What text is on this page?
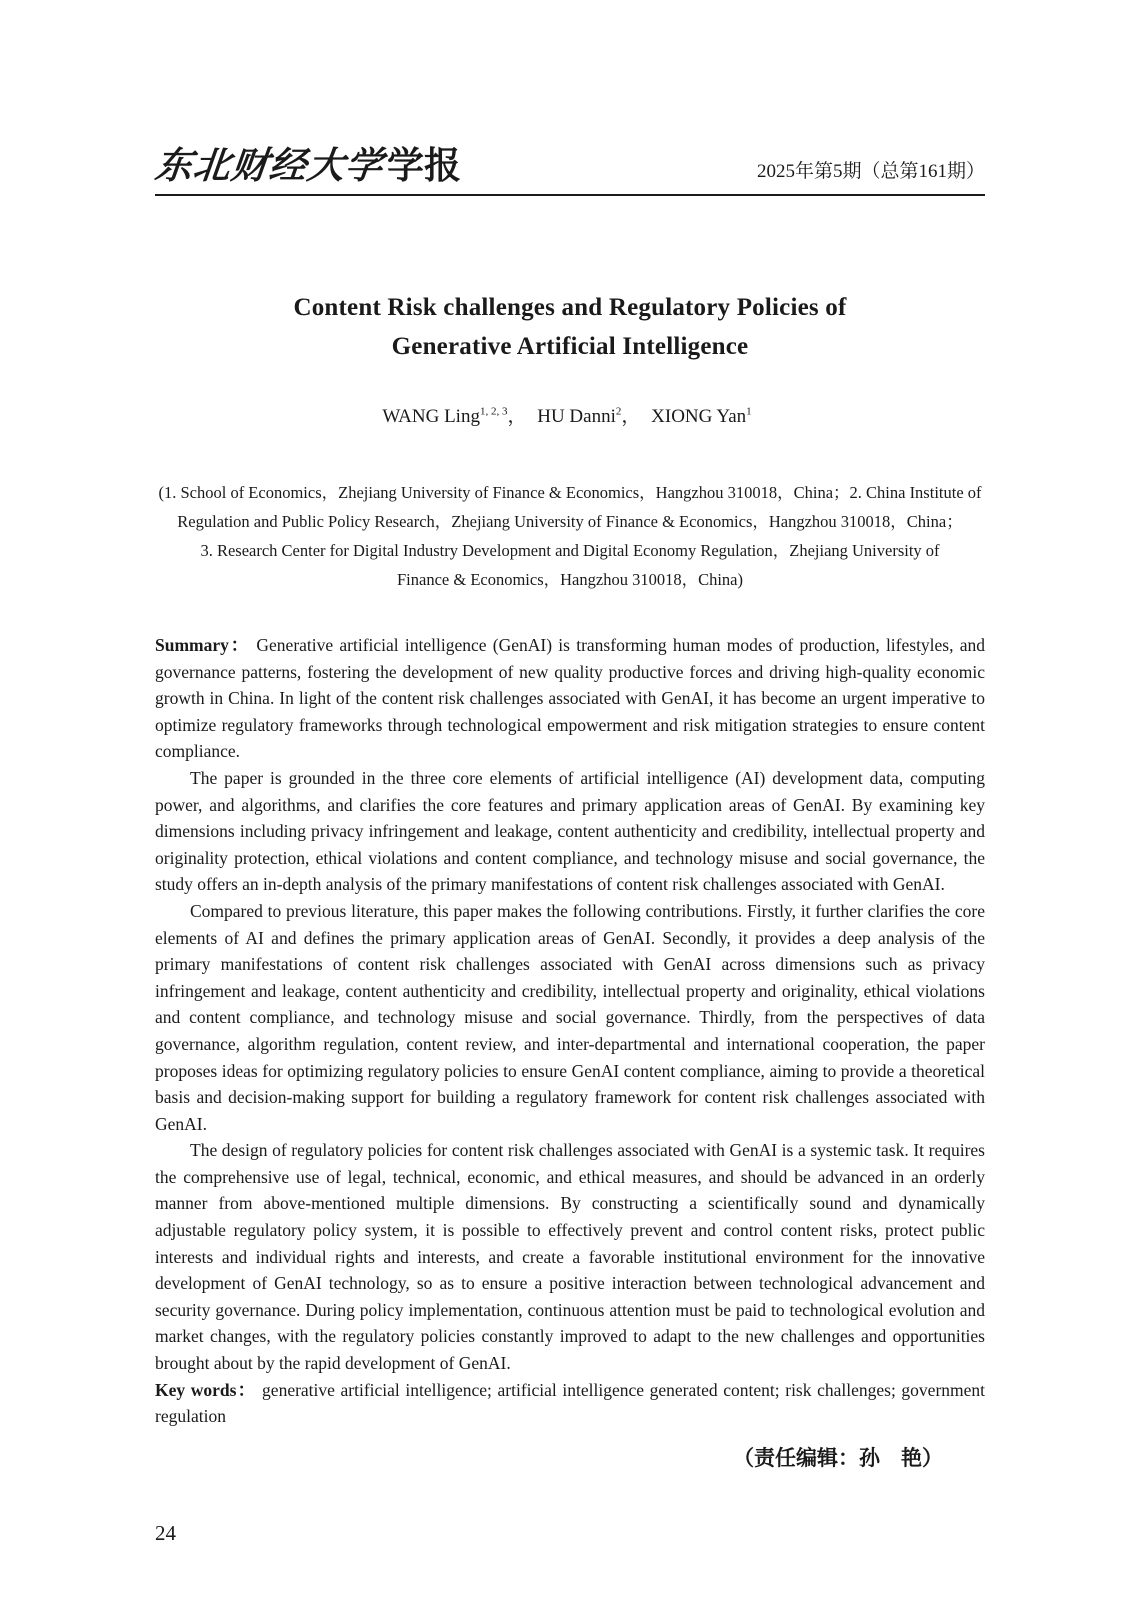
东北财经大学学报	2025年第5期（总第161期）
Content Risk challenges and Regulatory Policies of
Generative Artificial Intelligence
WANG Ling$^{1, 2, 3}$， HU Danni$^2$， XIONG Yan$^1$
(1. School of Economics，Zhejiang University of Finance & Economics，Hangzhou 310018，China；2. China Institute of
Regulation and Public Policy Research，Zhejiang University of Finance & Economics，Hangzhou 310018，China；
3. Research Center for Digital Industry Development and Digital Economy Regulation，Zhejiang University of
Finance & Economics，Hangzhou 310018，China)

Summary： Generative artificial intelligence (GenAI) is transforming human modes of production, lifestyles, and governance patterns, fostering the development of new quality productive forces and driving high-quality economic growth in China. In light of the content risk challenges associated with GenAI, it has become an urgent imperative to optimize regulatory frameworks through technological empowerment and risk mitigation strategies to ensure content compliance.

The paper is grounded in the three core elements of artificial intelligence (AI) development data, computing power, and algorithms, and clarifies the core features and primary application areas of GenAI. By examining key dimensions including privacy infringement and leakage, content authenticity and credibility, intellectual property and originality protection, ethical violations and content compliance, and technology misuse and social governance, the study offers an in-depth analysis of the primary manifestations of content risk challenges associated with GenAI.

Compared to previous literature, this paper makes the following contributions. Firstly, it further clarifies the core elements of AI and defines the primary application areas of GenAI. Secondly, it provides a deep analysis of the primary manifestations of content risk challenges associated with GenAI across dimensions such as privacy infringement and leakage, content authenticity and credibility, intellectual property and originality, ethical violations and content compliance, and technology misuse and social governance. Thirdly, from the perspectives of data governance, algorithm regulation, content review, and inter-departmental and international cooperation, the paper proposes ideas for optimizing regulatory policies to ensure GenAI content compliance, aiming to provide a theoretical basis and decision-making support for building a regulatory framework for content risk challenges associated with GenAI.

The design of regulatory policies for content risk challenges associated with GenAI is a systemic task. It requires the comprehensive use of legal, technical, economic, and ethical measures, and should be advanced in an orderly manner from above-mentioned multiple dimensions. By constructing a scientifically sound and dynamically adjustable regulatory policy system, it is possible to effectively prevent and control content risks, protect public interests and individual rights and interests, and create a favorable institutional environment for the innovative development of GenAI technology, so as to ensure a positive interaction between technological advancement and security governance. During policy implementation, continuous attention must be paid to technological evolution and market changes, with the regulatory policies constantly improved to adapt to the new challenges and opportunities brought about by the rapid development of GenAI.

Key words： generative artificial intelligence; artificial intelligence generated content; risk challenges; government regulation

（责任编辑：孙　艳）
24
